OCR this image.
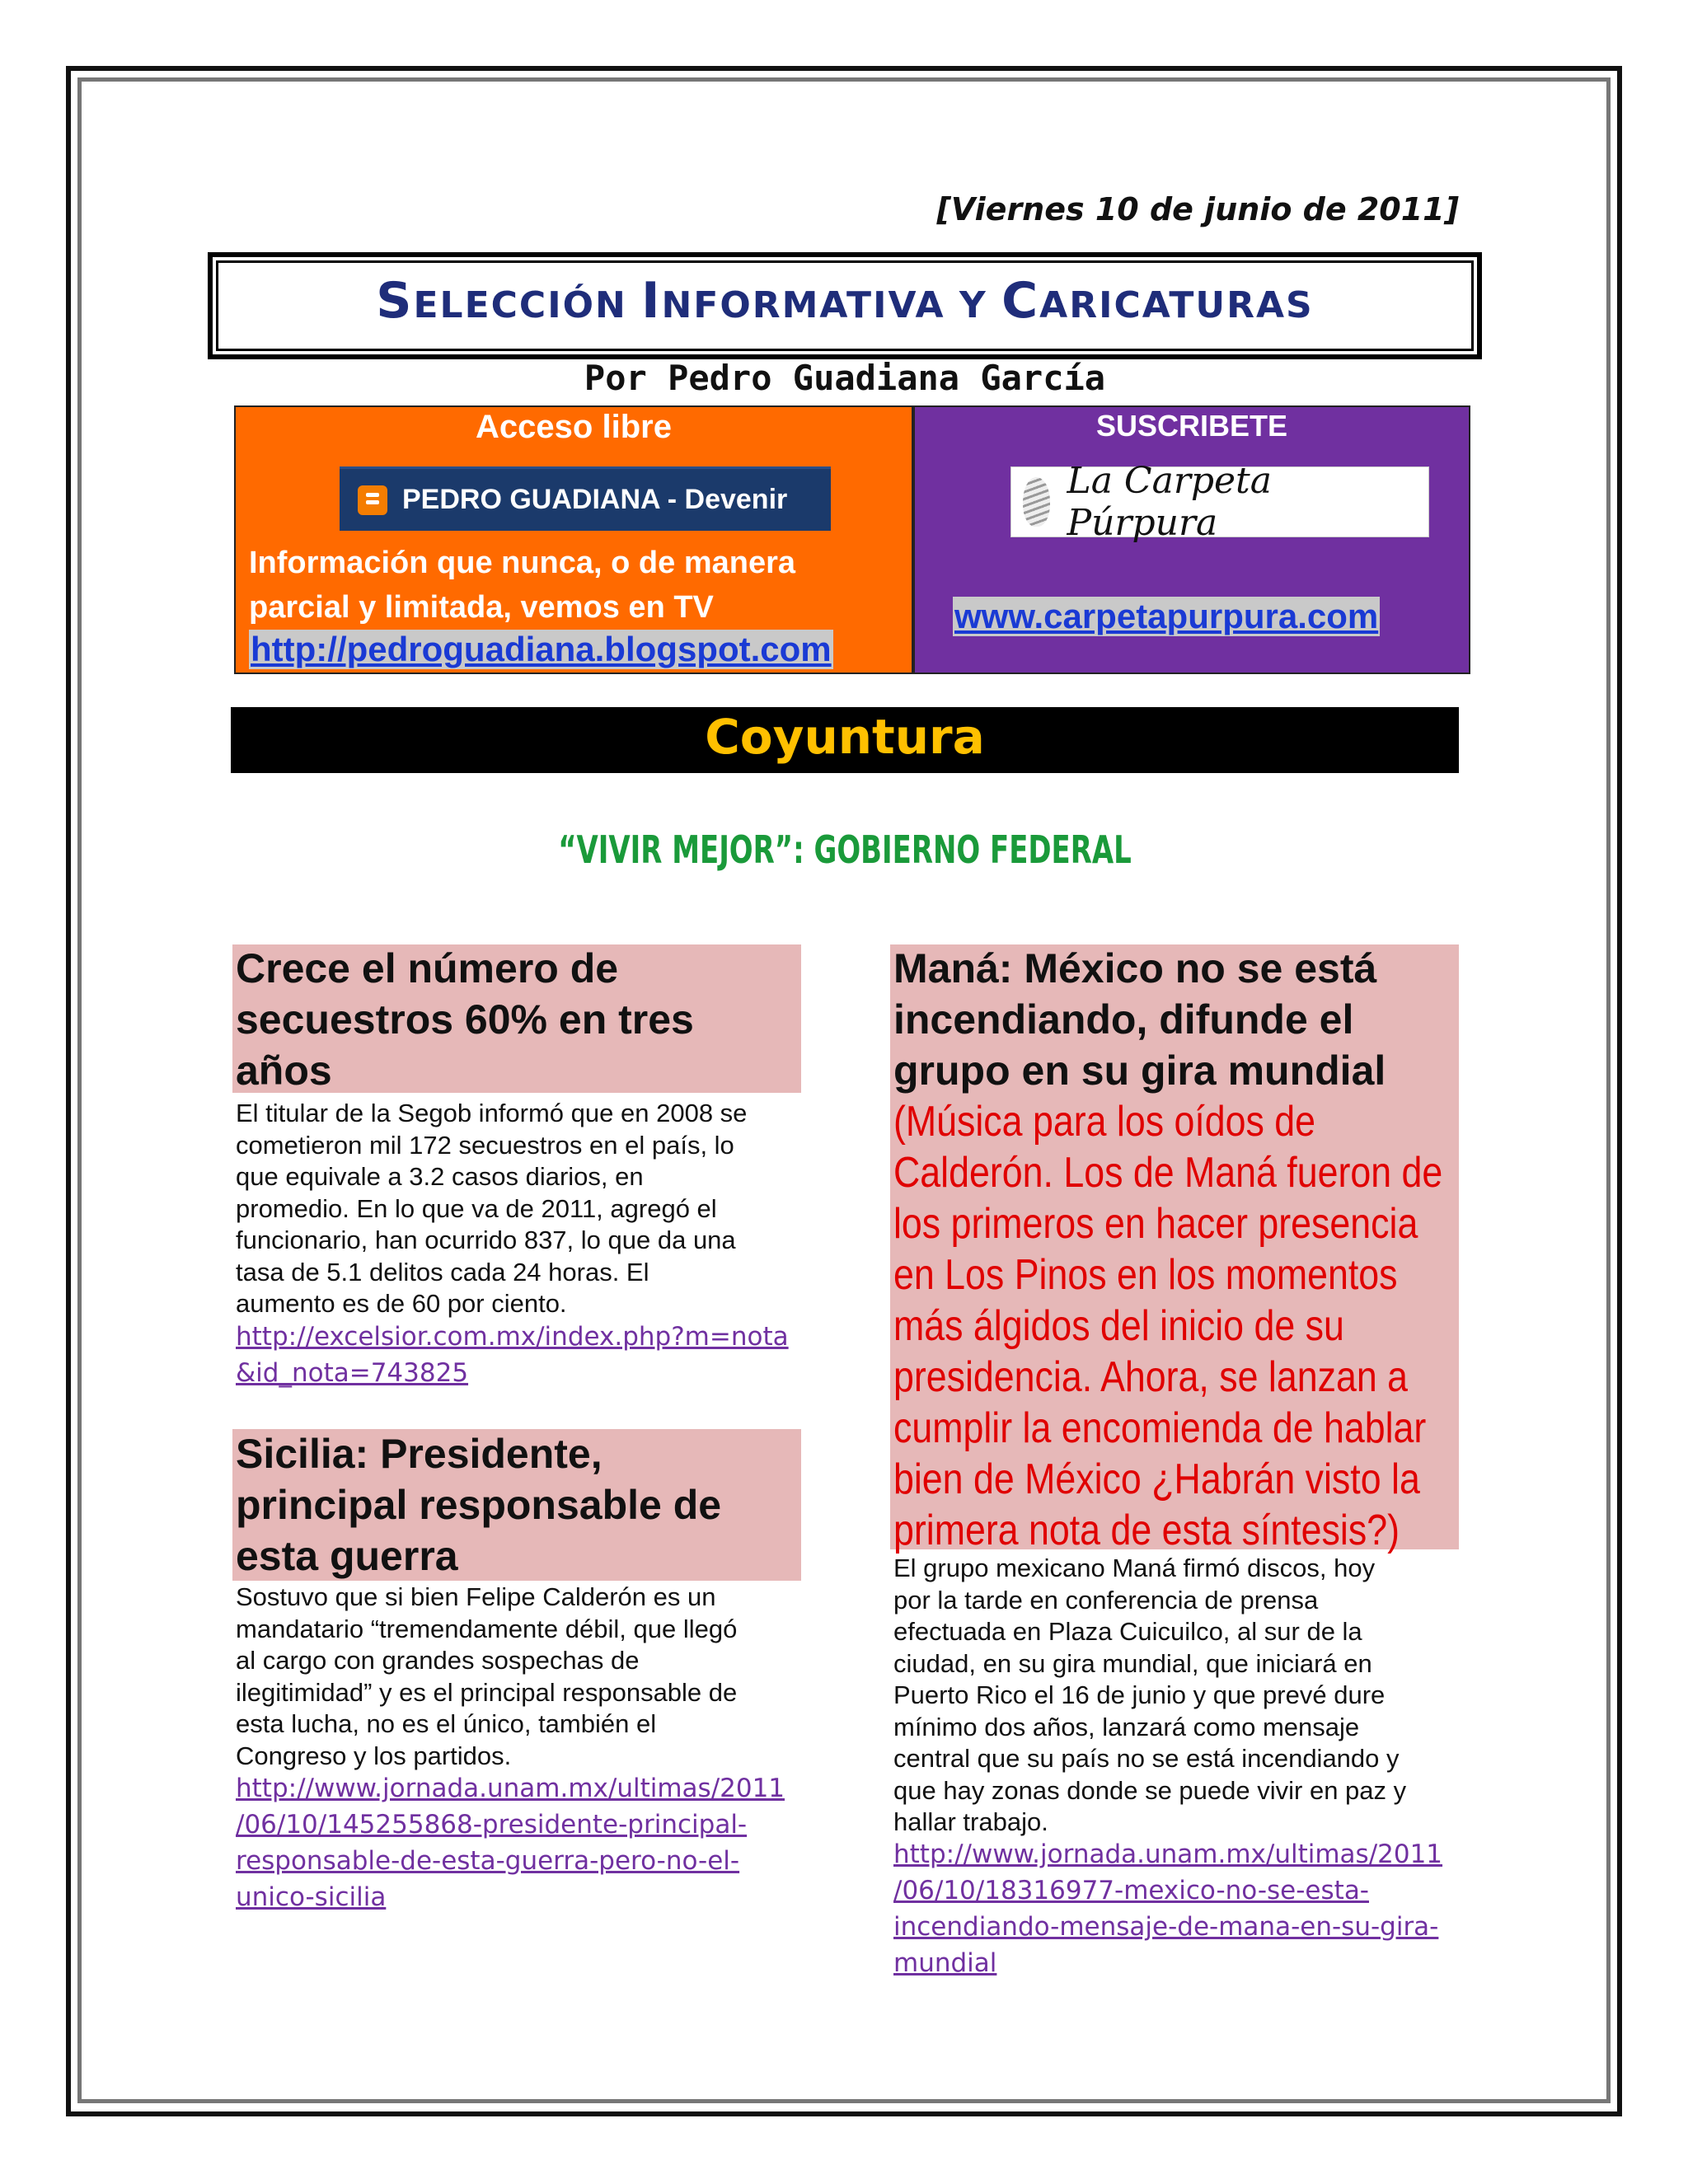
[Viernes 10 de junio de 2011]
SELECCIÓN INFORMATIVA Y CARICATURAS
Por Pedro Guadiana García
Acceso libre	SUSCRIBETE
PEDRO GUADIANA - Devenir	La Carpeta Púrpura
Información que nunca, o de manera
parcial y limitada, vemos en TV
http://pedroguadiana.blogspot.com
www.carpetapurpura.com
Coyuntura
“VIVIR MEJOR”: GOBIERNO FEDERAL
Crece el número de
secuestros 60% en tres
años
El titular de la Segob informó que en 2008 se
cometieron mil 172 secuestros en el país, lo
que equivale a 3.2 casos diarios, en
promedio. En lo que va de 2011, agregó el
funcionario, han ocurrido 837, lo que da una
tasa de 5.1 delitos cada 24 horas. El
aumento es de 60 por ciento.
http://excelsior.com.mx/index.php?m=nota
&id_nota=743825
Sicilia: Presidente,
principal responsable de
esta guerra
Sostuvo que si bien Felipe Calderón es un
mandatario “tremendamente débil, que llegó
al cargo con grandes sospechas de
ilegitimidad” y es el principal responsable de
esta lucha, no es el único, también el
Congreso y los partidos.
http://www.jornada.unam.mx/ultimas/2011
/06/10/145255868-presidente-principal-
responsable-de-esta-guerra-pero-no-el-
unico-sicilia
Maná: México no se está
incendiando, difunde el
grupo en su gira mundial
(Música para los oídos de
Calderón. Los de Maná fueron de
los primeros en hacer presencia
en Los Pinos en los momentos
más álgidos del inicio de su
presidencia. Ahora, se lanzan a
cumplir la encomienda de hablar
bien de México ¿Habrán visto la
primera nota de esta síntesis?)
El grupo mexicano Maná firmó discos, hoy
por la tarde en conferencia de prensa
efectuada en Plaza Cuicuilco, al sur de la
ciudad, en su gira mundial, que iniciará en
Puerto Rico el 16 de junio y que prevé dure
mínimo dos años, lanzará como mensaje
central que su país no se está incendiando y
que hay zonas donde se puede vivir en paz y
hallar trabajo.
http://www.jornada.unam.mx/ultimas/2011
/06/10/18316977-mexico-no-se-esta-
incendiando-mensaje-de-mana-en-su-gira-
mundial
